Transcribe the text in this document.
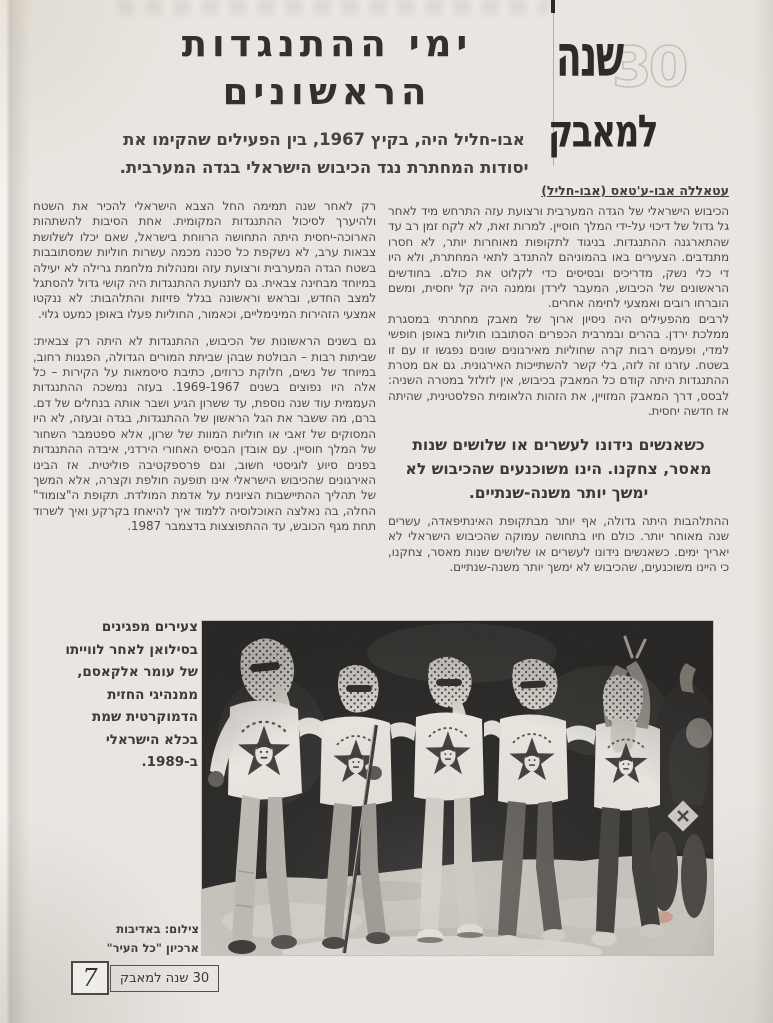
30
שנה
למאבק
ימי ההתנגדות
הראשונים

אבו-חליל היה, בקיץ 1967, בין הפעילים שהקימו את יסודות המחתרת נגד הכיבוש הישראלי בגדה המערבית.

עטאללה אבו-ע'טאס (אבו-חליל)

הכיבוש הישראלי של הגדה המערבית ורצועת עזה התרחש מיד לאחר גל גדול של דיכוי על-ידי המלך חוסיין. למרות זאת, לא לקח זמן רב עד שהתארגנה ההתנגדות. בניגוד לתקופות מאוחרות יותר, לא חסרו מתנדבים. הצעירים באו בהמוניהם להתנדב לתאי המחתרת, ולא היו די כלי נשק, מדריכים ובסיסים כדי לקלוט את כולם. בחודשים הראשונים של הכיבוש, המעבר לירדן וממנה היה קל יחסית, ומשם הוברחו רובים ואמצעי לחימה אחרים.

לרבים מהפעילים היה ניסיון ארוך של מאבק מחתרתי במסגרת ממלכת ירדן. בהרים ובמרבית הכפרים הסתובבו חוליות באופן חופשי למדי, ופעמים רבות קרה שחוליות מאירגונים שונים נפגשו זו עם זו בשטח. עזרנו זה לזה, בלי קשר להשתייכות האירגונית. גם אם מטרת ההתנגדות היתה קודם כל המאבק בכיבוש, אין לזלזל במטרה השניה: לבסס, דרך המאבק המזויין, את הזהות הלאומית הפלסטינית, שהיתה אז חדשה יחסית.

כשאנשים נידונו לעשרים או שלושים שנות מאסר, צחקנו. הינו משוכנעים שהכיבוש לא ימשך יותר משנה-שנתיים.

ההתלהבות היתה גדולה, אף יותר מבתקופת האינתיפאדה, עשרים שנה מאוחר יותר. כולם חיו בתחושה עמוקה שהכיבוש הישראלי לא יאריך ימים. כשאנשים נידונו לעשרים או שלושים שנות מאסר, צחקנו, כי היינו משוכנעים, שהכיבוש לא ימשך יותר משנה-שנתיים.

רק לאחר שנה תמימה החל הצבא הישראלי להכיר את השטח ולהיערך לסיכול ההתנגדות המקומית. אחת הסיבות להשתהות הארוכה-יחסית היתה התחושה הרווחת בישראל, שאם יכלו לשלושת צבאות ערב, לא נשקפת כל סכנה מכמה עשרות חוליות שמסתובבות בשטח הגדה המערבית ורצועת עזה ומנהלות מלחמת גרילה לא יעילה במיוחד מבחינה צבאית. גם לתנועת ההתנגדות היה קושי גדול להסתגל למצב החדש, ובראש וראשונה בגלל פזיזות והתלהבות: לא ננקטו אמצעי הזהירות המינימליים, וכאמור, החוליות פעלו באופן כמעט גלוי.

גם בשנים הראשונות של הכיבוש, ההתנגדות לא היתה רק צבאית: שביתות רבות – הבולטת שבהן שביתת המורים הגדולה, הפגנות רחוב, במיוחד של נשים, חלוקת כרוזים, כתיבת סיסמאות על הקירות – כל אלה היו נפוצים בשנים 1969-1967. בעזה נמשכה ההתנגדות העממית עוד שנה נוספת, עד ששרון הגיע ושבר אותה בנחלים של דם. ברם, מה ששבר את הגל הראשון של ההתנגדות, בגדה ובעזה, לא היו המסוקים של זאבי או חוליות המוות של שרון, אלא ספטמבר השחור של המלך חוסיין. עם אובדן הבסיס האחורי הירדני, איבדה ההתנגדות בפנים סיוע לוגיסטי חשוב, וגם פרספקטיבה פוליטית. אז הבינו האירגונים שהכיבוש הישראלי אינו תופעה חולפת וקצרה, אלא המשך של תהליך ההתיישבות הציונית על אדמת המולדת. תקופת ה"צומוד" החלה, בה נאלצה האוכלוסיה ללמוד איך להיאחז בקרקע ואיך לשרוד תחת מגף הכובש, עד ההתפוצצות בדצמבר 1987.

צעירים מפגינים בסילואן לאחר לווייתו של עומר אלקאסם, ממנהיגי החזית הדמוקרטית שמת בכלא הישראלי ב-1989.
צילום: באדיבות
ארכיון "כל העיר"
7 30 שנה למאבק
